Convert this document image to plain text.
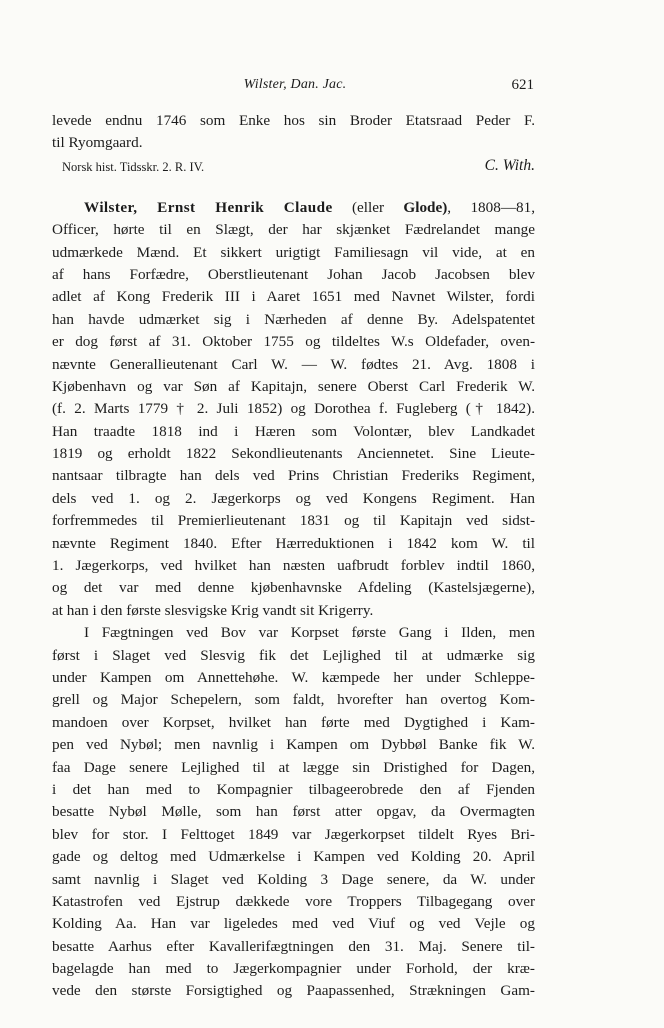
Wilster, Dan. Jac.	621
levede endnu 1746 som Enke hos sin Broder Etatsraad Peder F.
til Ryomgaard.
Norsk hist. Tidsskr. 2. R. IV.	C. With.
Wilster, Ernst Henrik Claude (eller Glode), 1808—81,
Officer, hørte til en Slægt, der har skjænket Fædrelandet mange
udmærkede Mænd. Et sikkert urigtigt Familiesagn vil vide, at en
af hans Forfædre, Oberstlieutenant Johan Jacob Jacobsen blev
adlet af Kong Frederik III i Aaret 1651 med Navnet Wilster, fordi
han havde udmærket sig i Nærheden af denne By. Adelspatentet
er dog først af 31. Oktober 1755 og tildeltes W.s Oldefader, oven-
nævnte Generallieutenant Carl W. — W. fødtes 21. Avg. 1808 i
Kjøbenhavn og var Søn af Kapitajn, senere Oberst Carl Frederik W.
(f. 2. Marts 1779 † 2. Juli 1852) og Dorothea f. Fugleberg († 1842).
Han traadte 1818 ind i Hæren som Volontær, blev Landkadet
1819 og erholdt 1822 Sekondlieutenants Anciennetet. Sine Lieute-
nantsaar tilbragte han dels ved Prins Christian Frederiks Regiment,
dels ved 1. og 2. Jægerkorps og ved Kongens Regiment. Han
forfremmedes til Premierlieutenant 1831 og til Kapitajn ved sidst-
nævnte Regiment 1840. Efter Hærreduktionen i 1842 kom W. til
1. Jægerkorps, ved hvilket han næsten uafbrudt forblev indtil 1860,
og det var med denne kjøbenhavnske Afdeling (Kastelsjægerne),
at han i den første slesvigske Krig vandt sit Krigerry.
I Fægtningen ved Bov var Korpset første Gang i Ilden, men
først i Slaget ved Slesvig fik det Lejlighed til at udmærke sig
under Kampen om Annettehøhe. W. kæmpede her under Schleppe-
grell og Major Schepelern, som faldt, hvorefter han overtog Kom-
mandoen over Korpset, hvilket han førte med Dygtighed i Kam-
pen ved Nybøl; men navnlig i Kampen om Dybbøl Banke fik W.
faa Dage senere Lejlighed til at lægge sin Dristighed for Dagen,
i det han med to Kompagnier tilbageerobrede den af Fjenden
besatte Nybøl Mølle, som han først atter opgav, da Overmagten
blev for stor. I Felttoget 1849 var Jægerkorpset tildelt Ryes Bri-
gade og deltog med Udmærkelse i Kampen ved Kolding 20. April
samt navnlig i Slaget ved Kolding 3 Dage senere, da W. under
Katastrofen ved Ejstrup dækkede vore Troppers Tilbagegang over
Kolding Aa. Han var ligeledes med ved Viuf og ved Vejle og
besatte Aarhus efter Kavallerifægtningen den 31. Maj. Senere til-
bagelagde han med to Jægerkompagnier under Forhold, der kræ-
vede den største Forsigtighed og Paapassenhed, Strækningen Gam-
